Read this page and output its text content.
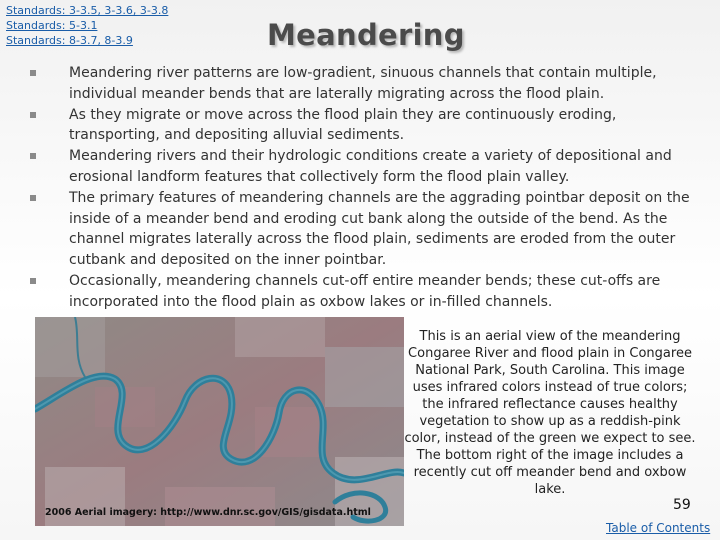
Standards: 3-3.5, 3-3.6, 3-3.8
Standards: 5-3.1
Standards: 8-3.7, 8-3.9	Meandering
Meandering river patterns are low-gradient, sinuous channels that contain multiple, individual meander bends that are laterally migrating across the flood plain.
As they migrate or move across the flood plain they are continuously eroding, transporting, and depositing alluvial sediments.
Meandering rivers and their hydrologic conditions create a variety of depositional and erosional landform features that collectively form the flood plain valley.
The primary features of meandering channels are the aggrading pointbar deposit on the inside of a meander bend and eroding cut bank along the outside of the bend. As the channel migrates laterally across the flood plain, sediments are eroded from the outer cutbank and deposited on the inner pointbar.
Occasionally, meandering channels cut-off entire meander bends; these cut-offs are incorporated into the flood plain as oxbow lakes or in-filled channels.
2006 Aerial imagery: http://www.dnr.sc.gov/GIS/gisdata.html
This is an aerial view of the meandering Congaree River and flood plain in Congaree National Park, South Carolina. This image uses infrared colors instead of true colors; the infrared reflectance causes healthy vegetation to show up as a reddish-pink color, instead of the green we expect to see. The bottom right of the image includes a recently cut off meander bend and oxbow lake.
59
Table of Contents
